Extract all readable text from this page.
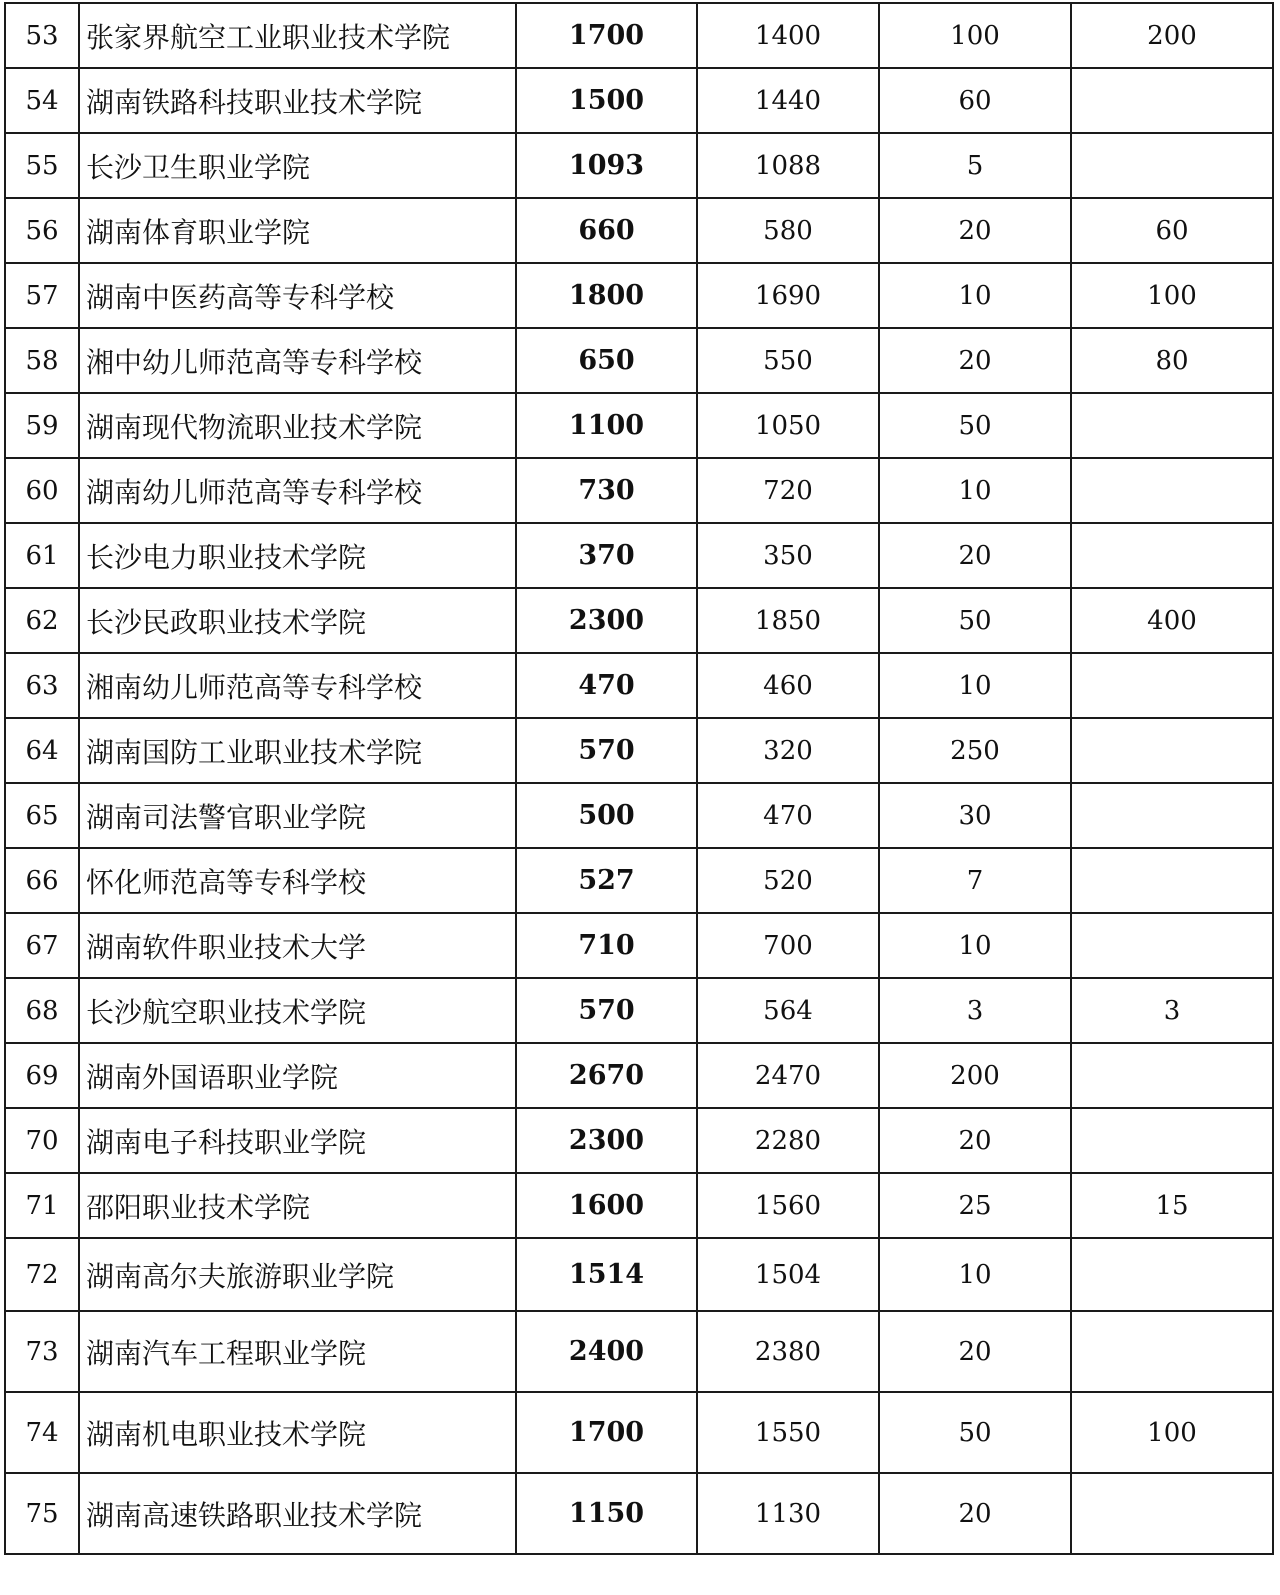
53	张家界航空工业职业技术学院	1700	1400	100	200
54	湖南铁路科技职业技术学院	1500	1440	60	
55	长沙卫生职业学院	1093	1088	5	
56	湖南体育职业学院	660	580	20	60
57	湖南中医药高等专科学校	1800	1690	10	100
58	湘中幼儿师范高等专科学校	650	550	20	80
59	湖南现代物流职业技术学院	1100	1050	50	
60	湖南幼儿师范高等专科学校	730	720	10	
61	长沙电力职业技术学院	370	350	20	
62	长沙民政职业技术学院	2300	1850	50	400
63	湘南幼儿师范高等专科学校	470	460	10	
64	湖南国防工业职业技术学院	570	320	250	
65	湖南司法警官职业学院	500	470	30	
66	怀化师范高等专科学校	527	520	7	
67	湖南软件职业技术大学	710	700	10	
68	长沙航空职业技术学院	570	564	3	3
69	湖南外国语职业学院	2670	2470	200	
70	湖南电子科技职业学院	2300	2280	20	
71	邵阳职业技术学院	1600	1560	25	15
72	湖南高尔夫旅游职业学院	1514	1504	10	
73	湖南汽车工程职业学院	2400	2380	20	
74	湖南机电职业技术学院	1700	1550	50	100
75	湖南高速铁路职业技术学院	1150	1130	20	
